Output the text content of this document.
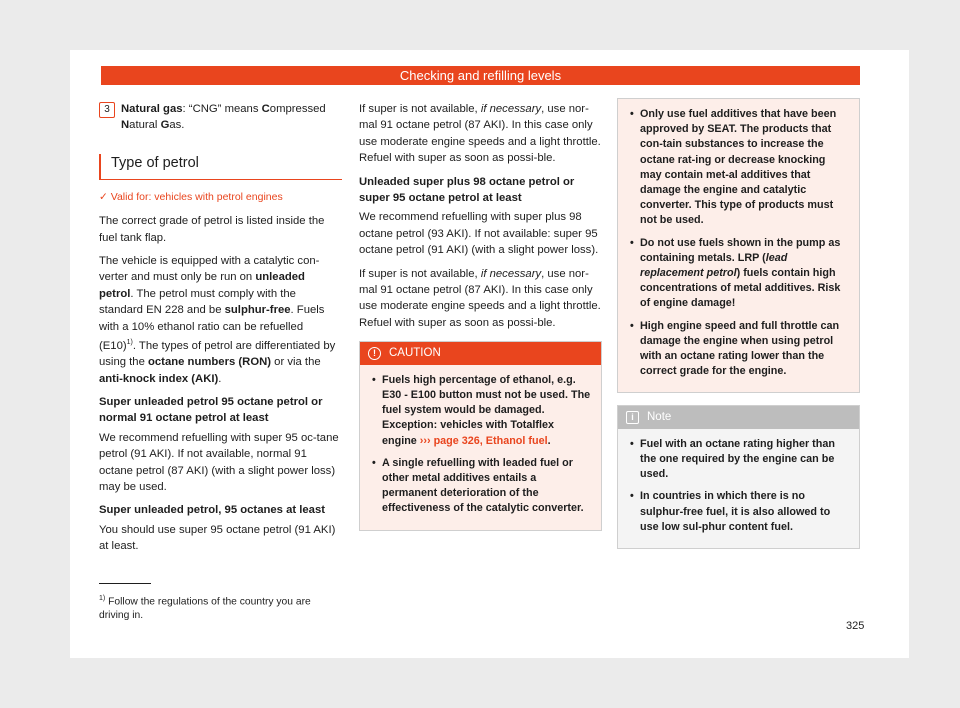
Checking and refilling levels

3 Natural gas: “CNG” means Compressed
Natural Gas.

Type of petrol

✓ Valid for: vehicles with petrol engines

The correct grade of petrol is listed inside the fuel tank flap.

The vehicle is equipped with a catalytic con-verter and must only be run on unleaded petrol. The petrol must comply with the standard EN 228 and be sulphur-free. Fuels with a 10% ethanol ratio can be refuelled $(E10)^{1)}$. The types of petrol are differentiated by using the octane numbers (RON) or via the anti-knock index (AKI).

Super unleaded petrol 95 octane petrol or normal 91 octane petrol at least

We recommend refuelling with super 95 oc-tane petrol (91 AKI). If not available, normal 91 octane petrol (87 AKI) (with a slight power loss) may be used.

Super unleaded petrol, 95 octanes at least

You should use super 95 octane petrol (91 AKI) at least.

If super is not available, if necessary, use nor-mal 91 octane petrol (87 AKI). In this case only use moderate engine speeds and a light throttle. Refuel with super as soon as possi-ble.

Unleaded super plus 98 octane petrol or super 95 octane petrol at least

We recommend refuelling with super plus 98 octane petrol (93 AKI). If not available: super 95 octane petrol (91 AKI) (with a slight power loss).

If super is not available, if necessary, use nor-mal 91 octane petrol (87 AKI). In this case only use moderate engine speeds and a light throttle. Refuel with super as soon as possi-ble.

!	CAUTION

• Fuels high percentage of ethanol, e.g. E30 - E100 button must not be used. The fuel system would be damaged. Exception: vehicles with Totalflex engine ››› page 326, Ethanol fuel.

• A single refuelling with leaded fuel or other metal additives entails a permanent deterioration of the effectiveness of the catalytic converter.

• Only use fuel additives that have been approved by SEAT. The products that con-tain substances to increase the octane rat-ing or decrease knocking may contain met-al additives that damage the engine and catalytic converter. This type of products must not be used.

• Do not use fuels shown in the pump as containing metals. LRP (lead replacement petrol) fuels contain high concentrations of metal additives. Risk of engine damage!

• High engine speed and full throttle can damage the engine when using petrol with an octane rating lower than the correct grade for the engine.

i	Note

• Fuel with an octane rating higher than the one required by the engine can be used.

• In countries in which there is no sulphur-free fuel, it is also allowed to use low sul-phur content fuel.

$^{1)}$ Follow the regulations of the country you are driving in.
325
